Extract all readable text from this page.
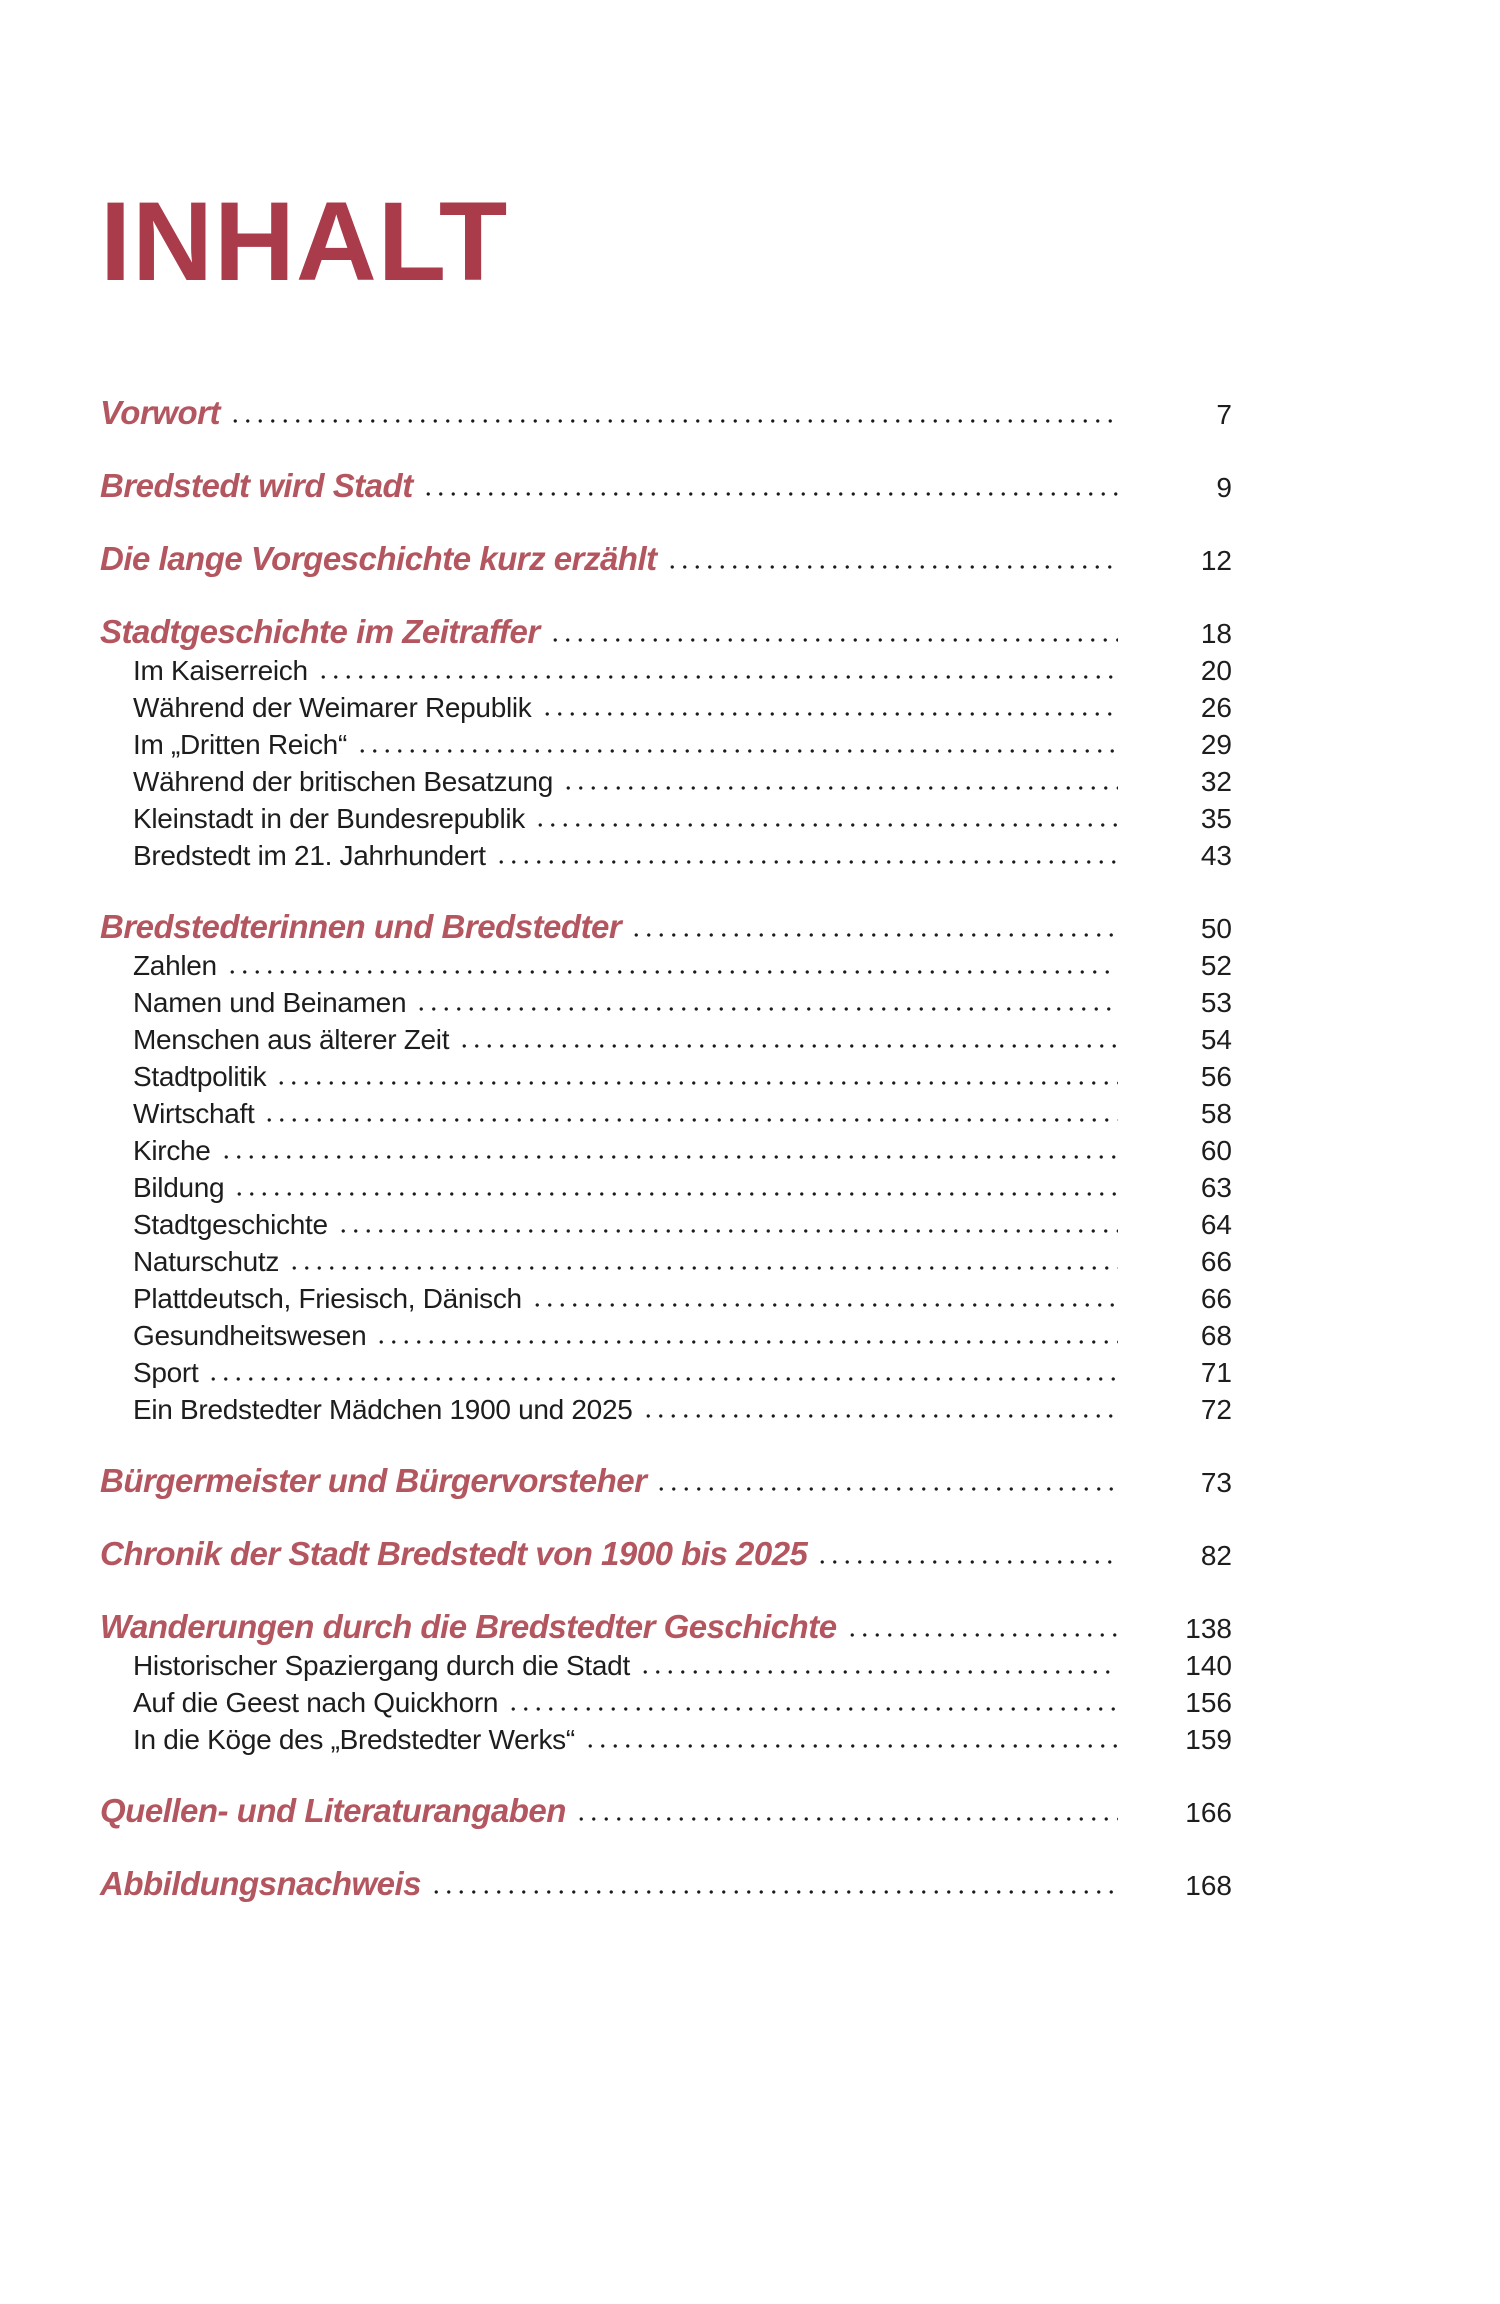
INHALT
Vorwort	7
Bredstedt wird Stadt	9
Die lange Vorgeschichte kurz erzählt	12
Stadtgeschichte im Zeitraffer	18
Im Kaiserreich	20
Während der Weimarer Republik	26
Im „Dritten Reich“	29
Während der britischen Besatzung	32
Kleinstadt in der Bundesrepublik	35
Bredstedt im 21. Jahrhundert	43
Bredstedterinnen und Bredstedter	50
Zahlen	52
Namen und Beinamen	53
Menschen aus älterer Zeit	54
Stadtpolitik	56
Wirtschaft	58
Kirche	60
Bildung	63
Stadtgeschichte	64
Naturschutz	66
Plattdeutsch, Friesisch, Dänisch	66
Gesundheitswesen	68
Sport	71
Ein Bredstedter Mädchen 1900 und 2025	72
Bürgermeister und Bürgervorsteher	73
Chronik der Stadt Bredstedt von 1900 bis 2025	82
Wanderungen durch die Bredstedter Geschichte	138
Historischer Spaziergang durch die Stadt	140
Auf die Geest nach Quickhorn	156
In die Köge des „Bredstedter Werks“	159
Quellen- und Literaturangaben	166
Abbildungsnachweis	168
